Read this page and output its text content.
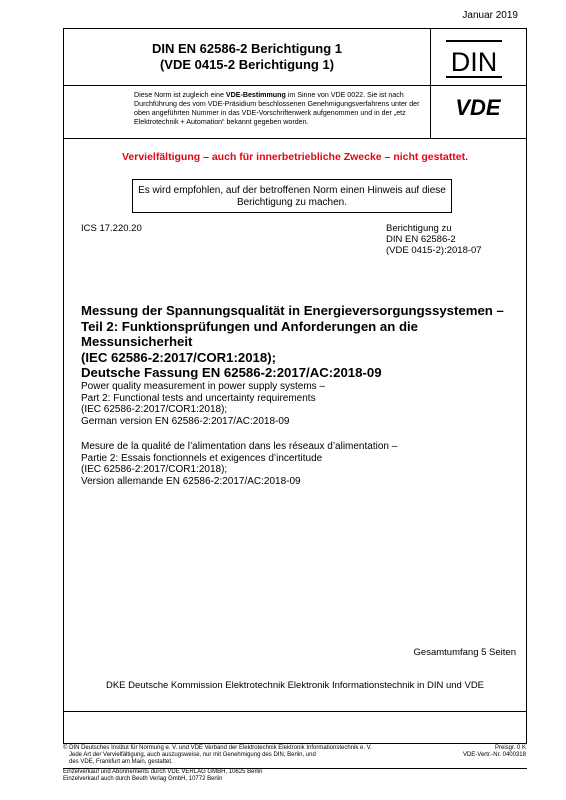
Januar 2019
DIN EN 62586-2 Berichtigung 1
(VDE 0415-2 Berichtigung 1)	DIN
VDE
Diese Norm ist zugleich eine VDE-Bestimmung im Sinne von VDE 0022. Sie ist nach Durchführung des vom VDE-Präsidium beschlossenen Genehmigungsverfahrens unter der oben angeführten Nummer in das VDE-Vorschriftenwerk aufgenommen und in der „etz Elektrotechnik + Automation“ bekannt gegeben worden.
Vervielfältigung – auch für innerbetriebliche Zwecke – nicht gestattet.
Es wird empfohlen, auf der betroffenen Norm einen Hinweis auf diese Berichtigung zu machen.
ICS 17.220.20	Berichtigung zu
DIN EN 62586-2
(VDE 0415-2):2018-07
Messung der Spannungsqualität in Energieversorgungssystemen –
Teil 2: Funktionsprüfungen und Anforderungen an die Messunsicherheit
(IEC 62586-2:2017/COR1:2018);
Deutsche Fassung EN 62586-2:2017/AC:2018-09
Power quality measurement in power supply systems –
Part 2: Functional tests and uncertainty requirements
(IEC 62586-2:2017/COR1:2018);
German version EN 62586-2:2017/AC:2018-09
Mesure de la qualité de l’alimentation dans les réseaux d’alimentation –
Partie 2: Essais fonctionnels et exigences d’incertitude
(IEC 62586-2:2017/COR1:2018);
Version allemande EN 62586-2:2017/AC:2018-09
Gesamtumfang 5 Seiten
DKE Deutsche Kommission Elektrotechnik Elektronik Informationstechnik in DIN und VDE
© DIN Deutsches Institut für Normung e. V. und VDE Verband der Elektrotechnik Elektronik Informationstechnik e. V.
Jede Art der Vervielfältigung, auch auszugsweise, nur mit Genehmigung des DIN, Berlin, und
des VDE, Frankfurt am Main, gestattet.
Einzelverkauf und Abonnements durch VDE VERLAG GMBH, 10625 Berlin
Einzelverkauf auch durch Beuth Verlag GmbH, 10772 Berlin
Preisgr. 0 K
VDE-Vertr.-Nr. 0400318
